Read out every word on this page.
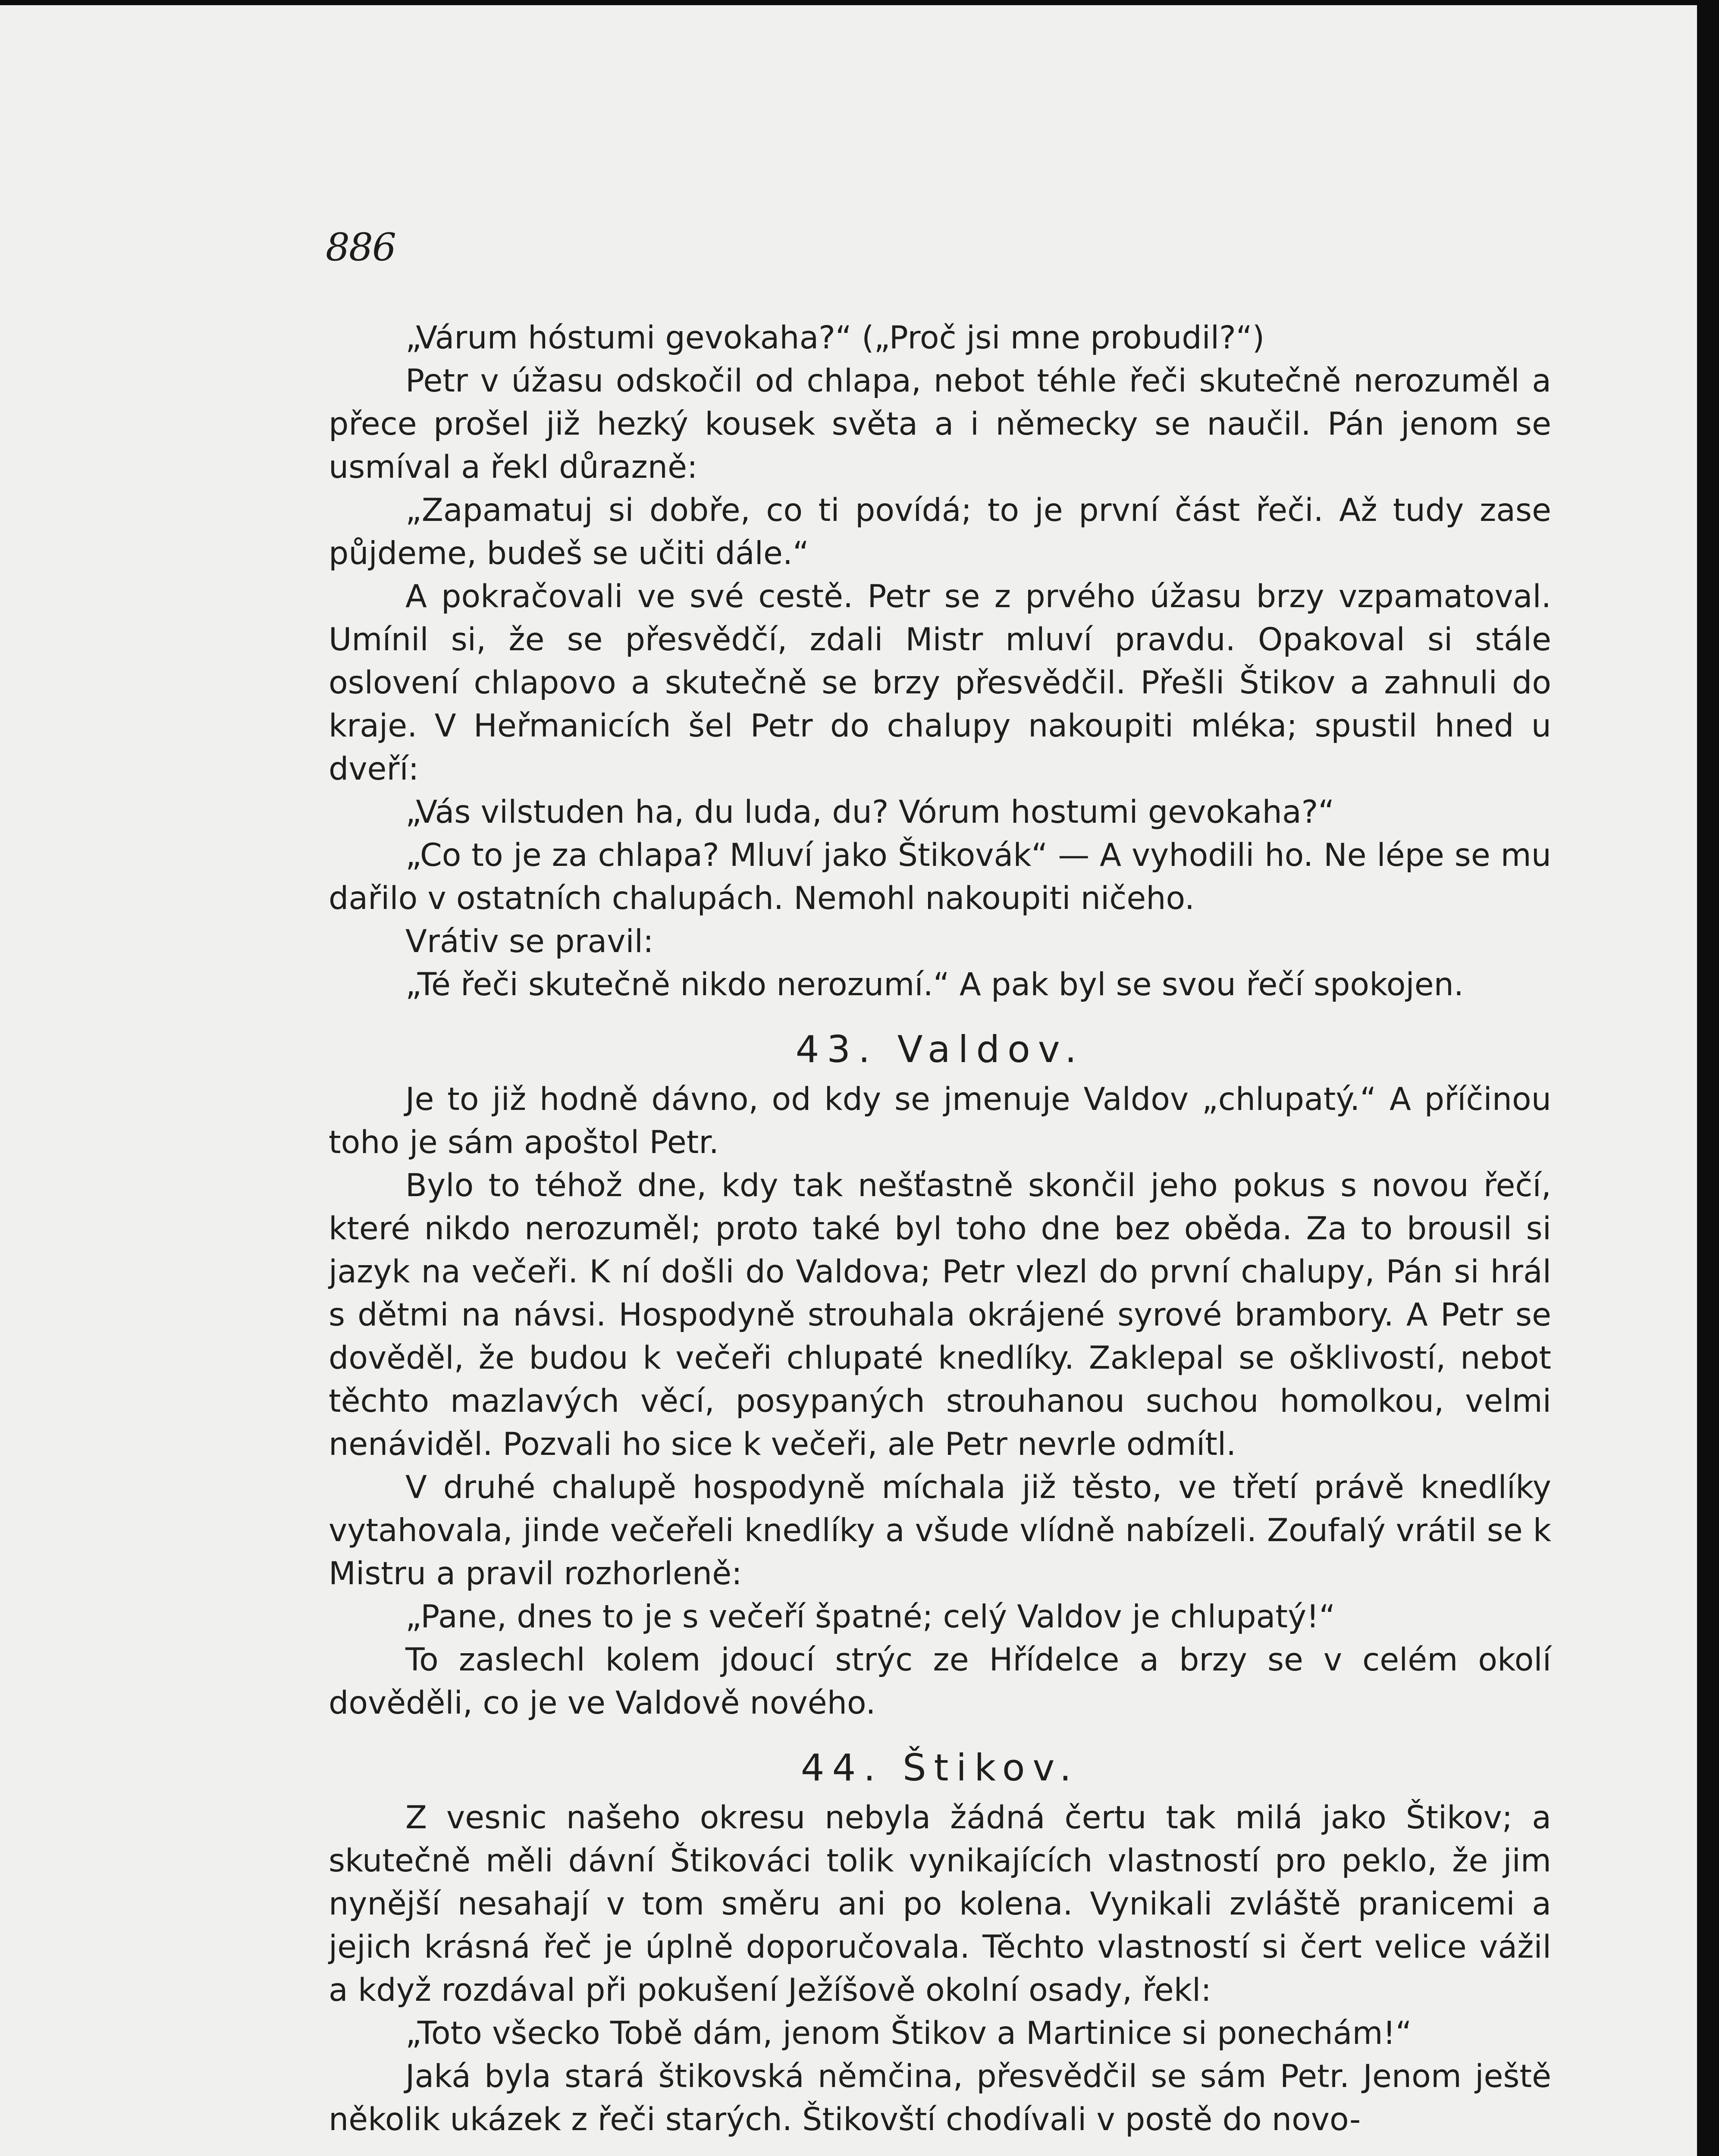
886

„Várum hóstumi gevokaha?“ („Proč jsi mne probudil?“)

Petr v úžasu odskočil od chlapa, nebot téhle řeči skutečně nerozuměl a přece prošel již hezký kousek světa a i německy se naučil. Pán jenom se usmíval a řekl důrazně:

„Zapamatuj si dobře, co ti povídá; to je první část řeči. Až tudy zase půjdeme, budeš se učiti dále.“

A pokračovali ve své cestě. Petr se z prvého úžasu brzy vzpamatoval. Umínil si, že se přesvědčí, zdali Mistr mluví pravdu. Opakoval si stále oslovení chlapovo a skutečně se brzy přesvědčil. Přešli Štikov a zahnuli do kraje. V Heřmanicích šel Petr do chalupy nakoupiti mléka; spustil hned u dveří:

„Vás vilstuden ha, du luda, du? Vórum hostumi gevokaha?“

„Co to je za chlapa? Mluví jako Štikovák“ — A vyhodili ho. Ne lépe se mu dařilo v ostatních chalupách. Nemohl nakoupiti ničeho.

Vrátiv se pravil:

„Té řeči skutečně nikdo nerozumí.“ A pak byl se svou řečí spokojen.

43. Valdov.

Je to již hodně dávno, od kdy se jmenuje Valdov „chlupatý.“ A příčinou toho je sám apoštol Petr.

Bylo to téhož dne, kdy tak nešťastně skončil jeho pokus s novou řečí, které nikdo nerozuměl; proto také byl toho dne bez oběda. Za to brousil si jazyk na večeři. K ní došli do Valdova; Petr vlezl do první chalupy, Pán si hrál s dětmi na návsi. Hospodyně strouhala okrájené syrové brambory. A Petr se dověděl, že budou k večeři chlupaté knedlíky. Zaklepal se ošklivostí, nebot těchto mazlavých věcí, posypaných strouhanou suchou homolkou, velmi nenáviděl. Pozvali ho sice k večeři, ale Petr nevrle odmítl.

V druhé chalupě hospodyně míchala již těsto, ve třetí právě knedlíky vytahovala, jinde večeřeli knedlíky a všude vlídně nabízeli. Zoufalý vrátil se k Mistru a pravil rozhorleně:

„Pane, dnes to je s večeří špatné; celý Valdov je chlupatý!“

To zaslechl kolem jdoucí strýc ze Hřídelce a brzy se v celém okolí dověděli, co je ve Valdově nového.

44. Štikov.

Z vesnic našeho okresu nebyla žádná čertu tak milá jako Štikov; a skutečně měli dávní Štikováci tolik vynikajících vlastností pro peklo, že jim nynější nesahají v tom směru ani po kolena. Vynikali zvláště pranicemi a jejich krásná řeč je úplně doporučovala. Těchto vlastností si čert velice vážil a když rozdával při pokušení Ježíšově okolní osady, řekl:

„Toto všecko Tobě dám, jenom Štikov a Martinice si ponechám!“

Jaká byla stará štikovská němčina, přesvědčil se sám Petr. Jenom ještě několik ukázek z řeči starých. Štikovští chodívali v postě do novo-
